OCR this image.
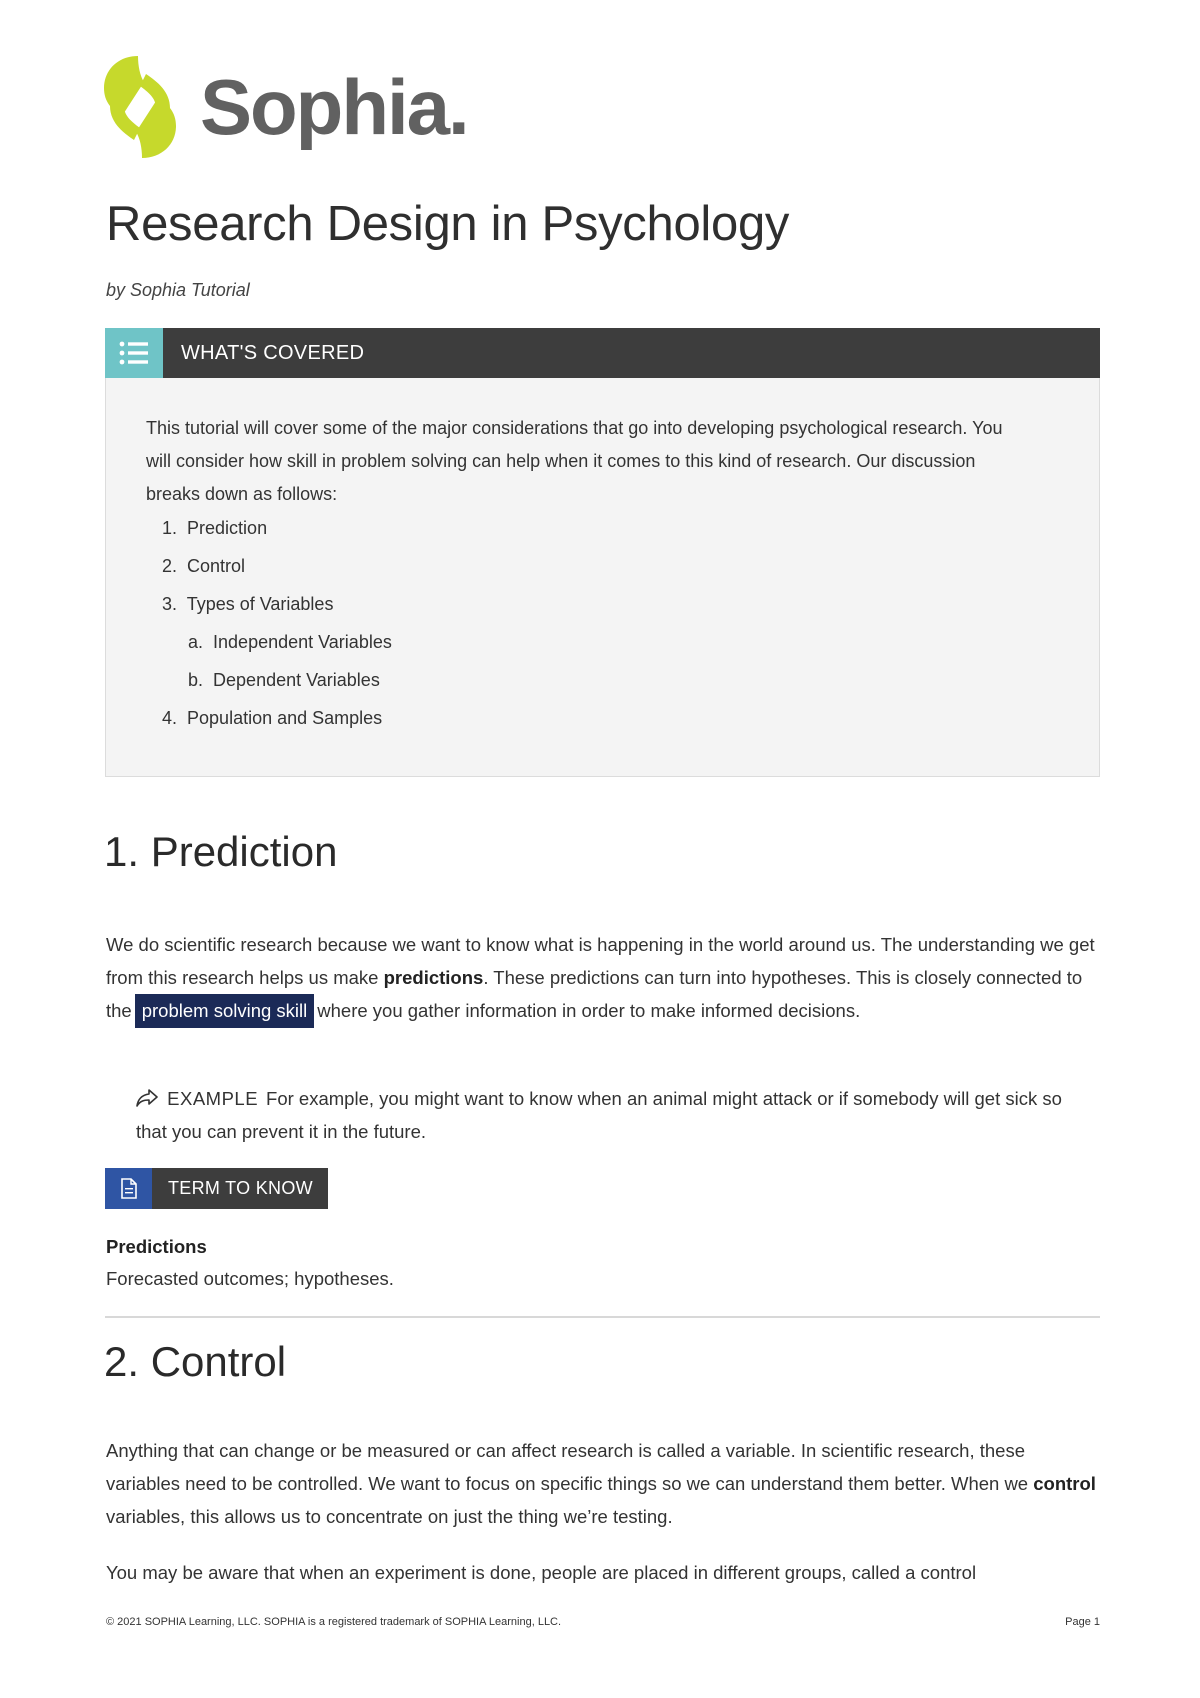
Sophia.
Research Design in Psychology
by Sophia Tutorial
WHAT'S COVERED

This tutorial will cover some of the major considerations that go into developing psychological research. You will consider how skill in problem solving can help when it comes to this kind of research. Our discussion breaks down as follows:

1. Prediction
2. Control
3. Types of Variables
a. Independent Variables
b. Dependent Variables
4. Population and Samples
1. Prediction

We do scientific research because we want to know what is happening in the world around us. The understanding we get from this research helps us make predictions. These predictions can turn into hypotheses. This is closely connected to the problem solving skill where you gather information in order to make informed decisions.

EXAMPLE For example, you might want to know when an animal might attack or if somebody will get sick so that you can prevent it in the future.
TERM TO KNOW
Predictions
Forecasted outcomes; hypotheses.
2. Control

Anything that can change or be measured or can affect research is called a variable. In scientific research, these variables need to be controlled. We want to focus on specific things so we can understand them better. When we control variables, this allows us to concentrate on just the thing we’re testing.

You may be aware that when an experiment is done, people are placed in different groups, called a control

© 2021 SOPHIA Learning, LLC. SOPHIA is a registered trademark of SOPHIA Learning, LLC.	Page 1
